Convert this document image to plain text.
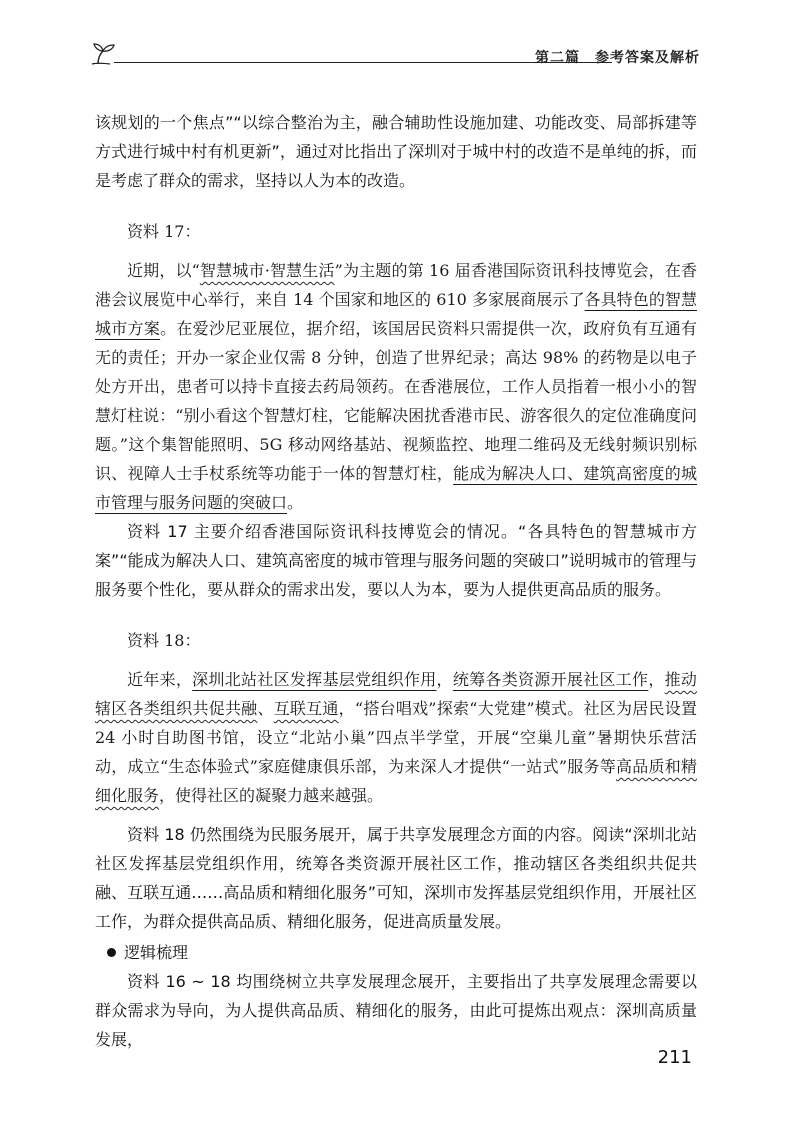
第二篇　参考答案及解析

该规划的一个焦点”“以综合整治为主，融合辅助性设施加建、功能改变、局部拆建等方式进行城中村有机更新”，通过对比指出了深圳对于城中村的改造不是单纯的拆，而是考虑了群众的需求，坚持以人为本的改造。

资料 17：

近期，以“智慧城市·智慧生活”为主题的第 16 届香港国际资讯科技博览会，在香港会议展览中心举行，来自 14 个国家和地区的 610 多家展商展示了各具特色的智慧城市方案。在爱沙尼亚展位，据介绍，该国居民资料只需提供一次，政府负有互通有无的责任；开办一家企业仅需 8 分钟，创造了世界纪录；高达 98% 的药物是以电子处方开出，患者可以持卡直接去药局领药。在香港展位，工作人员指着一根小小的智慧灯柱说：“别小看这个智慧灯柱，它能解决困扰香港市民、游客很久的定位准确度问题。”这个集智能照明、5G 移动网络基站、视频监控、地理二维码及无线射频识别标识、视障人士手杖系统等功能于一体的智慧灯柱，能成为解决人口、建筑高密度的城市管理与服务问题的突破口。

资料 17 主要介绍香港国际资讯科技博览会的情况。“各具特色的智慧城市方案”“能成为解决人口、建筑高密度的城市管理与服务问题的突破口”说明城市的管理与服务要个性化，要从群众的需求出发，要以人为本，要为人提供更高品质的服务。

资料 18：

近年来，深圳北站社区发挥基层党组织作用，统筹各类资源开展社区工作，推动辖区各类组织共促共融、互联互通，“搭台唱戏”探索“大党建”模式。社区为居民设置 24 小时自助图书馆，设立“北站小巢”四点半学堂，开展“空巢儿童”暑期快乐营活动，成立“生态体验式”家庭健康俱乐部，为来深人才提供“一站式”服务等高品质和精细化服务，使得社区的凝聚力越来越强。

资料 18 仍然围绕为民服务展开，属于共享发展理念方面的内容。阅读“深圳北站社区发挥基层党组织作用，统筹各类资源开展社区工作，推动辖区各类组织共促共融、互联互通……高品质和精细化服务”可知，深圳市发挥基层党组织作用，开展社区工作，为群众提供高品质、精细化服务，促进高质量发展。

逻辑梳理

资料 16 ~ 18 均围绕树立共享发展理念展开，主要指出了共享发展理念需要以群众需求为导向，为人提供高品质、精细化的服务，由此可提炼出观点：深圳高质量发展，

211
